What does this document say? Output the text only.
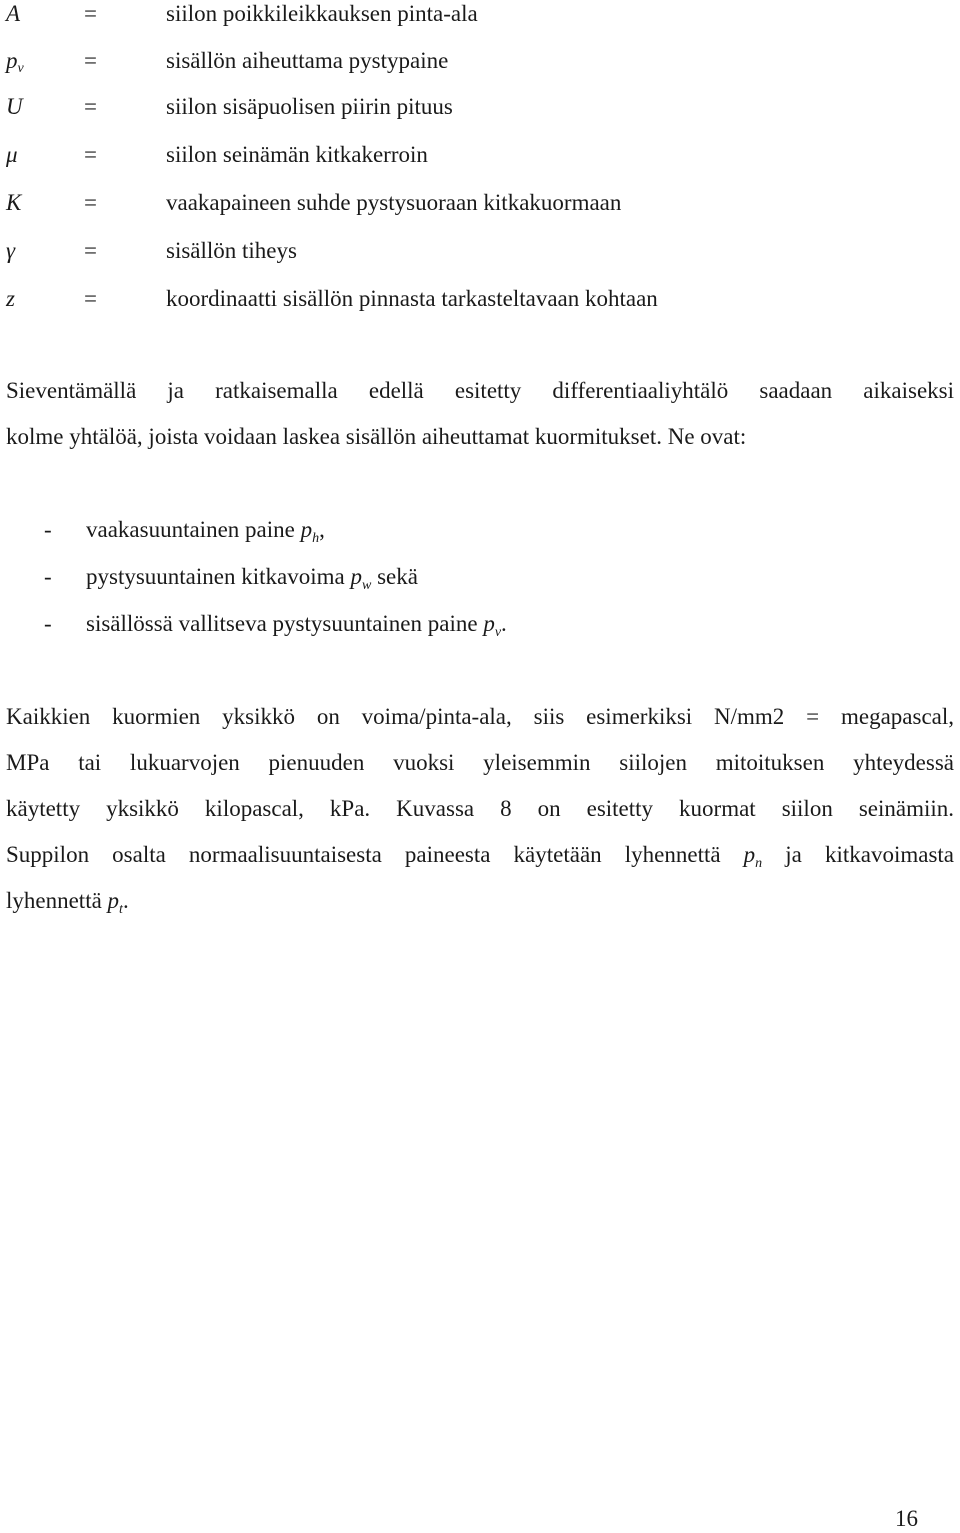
A	=	siilon poikkileikkauksen pinta-ala
$p_v$	=	sisällön aiheuttama pystypaine
U	=	siilon sisäpuolisen piirin pituus
μ	=	siilon seinämän kitkakerroin
K	=	vaakapaineen suhde pystysuoraan kitkakuormaan
γ	=	sisällön tiheys
z	=	koordinaatti sisällön pinnasta tarkasteltavaan kohtaan
Sieventämällä ja ratkaisemalla edellä esitetty differentiaaliyhtälö saadaan aikaiseksi
kolme yhtälöä, joista voidaan laskea sisällön aiheuttamat kuormitukset. Ne ovat:
- vaakasuuntainen paine $p_h$,
- pystysuuntainen kitkavoima $p_w$ sekä
- sisällössä vallitseva pystysuuntainen paine $p_v$.
Kaikkien kuormien yksikkö on voima/pinta-ala, siis esimerkiksi N/mm2 = megapascal,
MPa tai lukuarvojen pienuuden vuoksi yleisemmin siilojen mitoituksen yhteydessä
käytetty yksikkö kilopascal, kPa. Kuvassa 8 on esitetty kuormat siilon seinämiin.
Suppilon osalta normaalisuuntaisesta paineesta käytetään lyhennettä $p_n$ ja kitkavoimasta
lyhennettä $p_t$.
16
